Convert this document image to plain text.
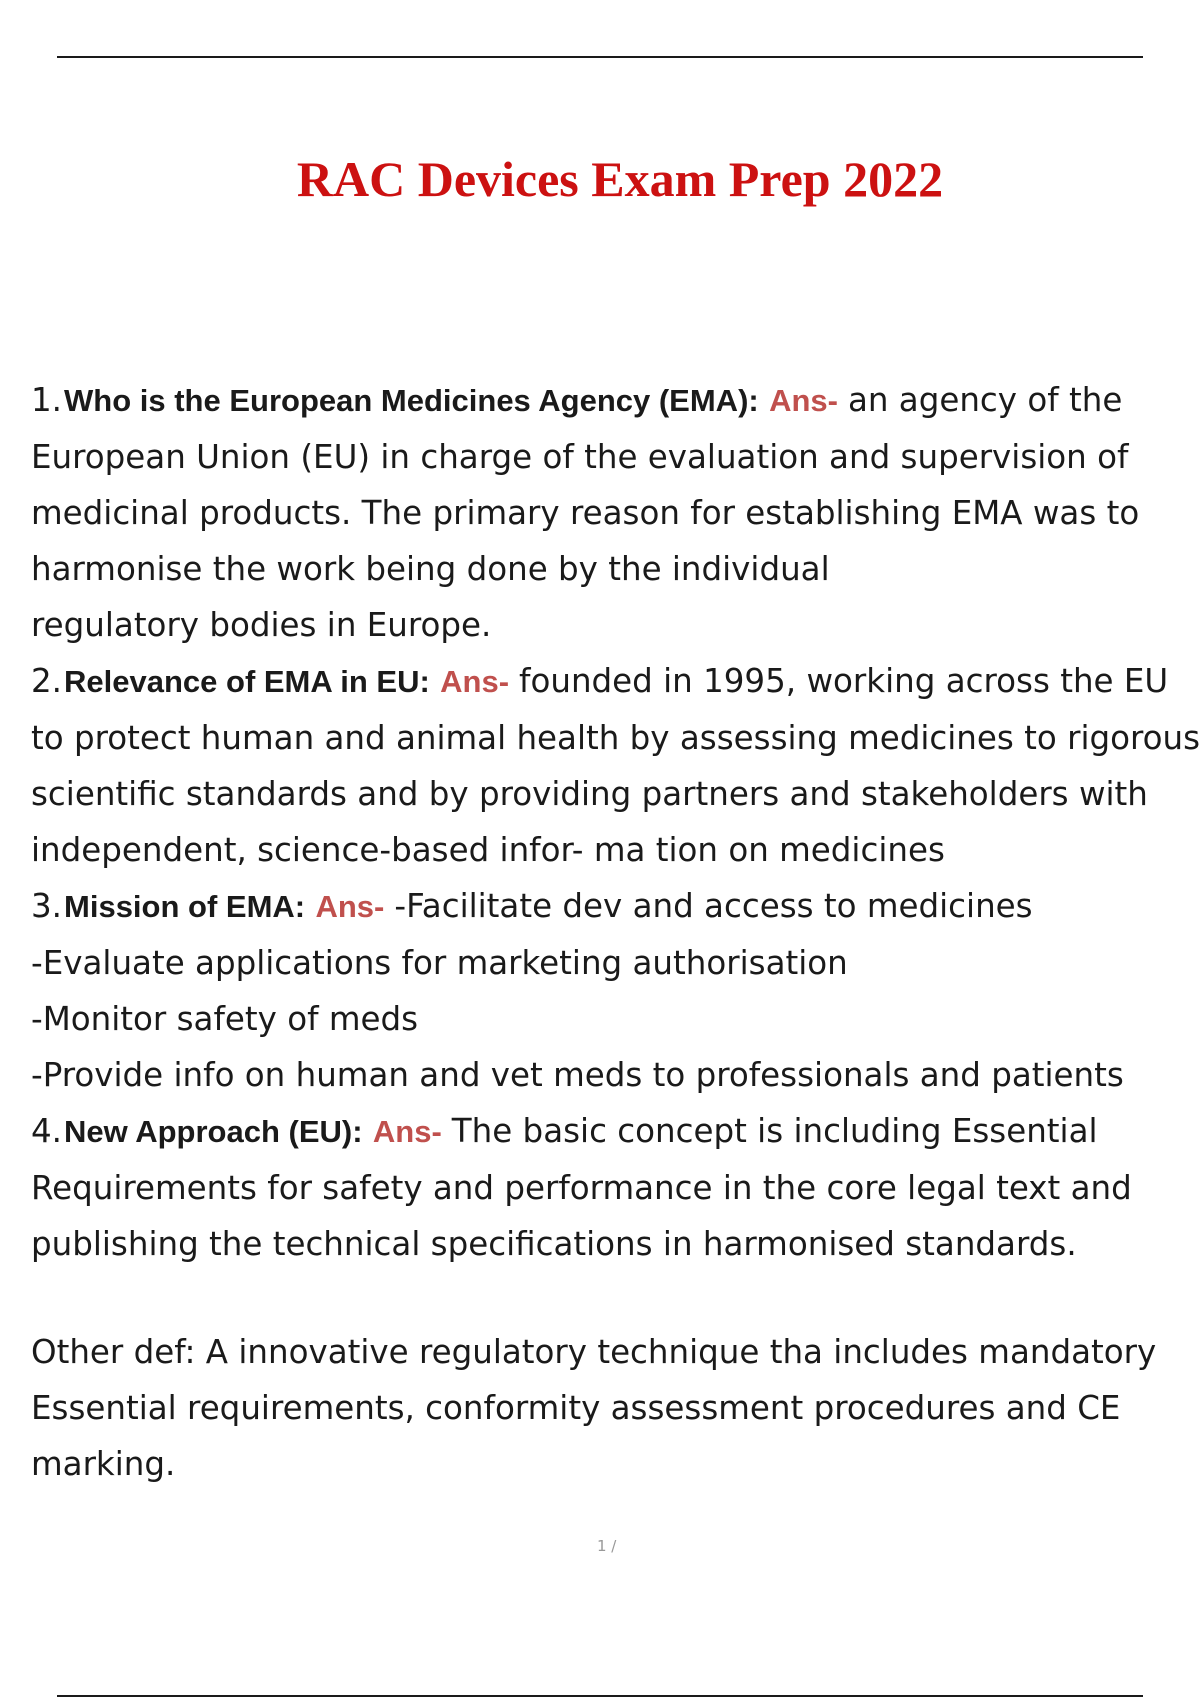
RAC Devices Exam Prep 2022
1.Who is the European Medicines Agency (EMA): Ans- an agency of the
European Union (EU) in charge of the evaluation and supervision of
medicinal products. The primary reason for establishing EMA was to
harmonise the work being done by the individual
regulatory bodies in Europe.
2.Relevance of EMA in EU: Ans- founded in 1995, working across the EU
to protect human and animal health by assessing medicines to rigorous
scientific standards and by providing partners and stakeholders with
independent, science-based infor- ma tion on medicines
3.Mission of EMA: Ans- -Facilitate dev and access to medicines
-Evaluate applications for marketing authorisation
-Monitor safety of meds
-Provide info on human and vet meds to professionals and patients
4.New Approach (EU): Ans- The basic concept is including Essential
Requirements for safety and performance in the core legal text and
publishing the technical specifications in harmonised standards.
Other def: A innovative regulatory technique tha includes mandatory
Essential requirements, conformity assessment procedures and CE
marking.
1 /
